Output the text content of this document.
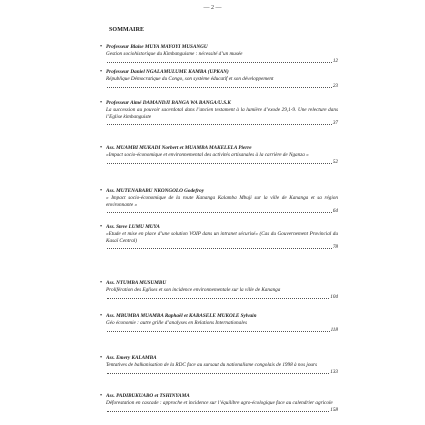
— 2 —
SOMMAIRE
• Professeur Blaise MUYA MAYOYI MUSANGU
Gestion sociohistorique du Kimbanguisme : nécessité d’un musée
12
• Professeur Daniel NGALAMULUME KAMBA (UPKAN)
République Démocratique du Congo, son système éducatif et son développement
23
• Professeur Aimé DAMANDJI BANGA WA BANGA/U.S.K
La succession au pouvoir sacerdotal dans l’ancien testament à la lumière d’exode 29,1-9. Une relecture dans l’Eglise kimbanguiste
37
• Ass. MUAMBI MUKADI Norbert et MUAMBA MAKELELA Pierre
«Impact socio-économique et environnemental des activités artisanales à la carrière de Nganza »
52
• Ass. MUTENABABU NKONGOLO Godefroy
« Impact socio-économique de la route Kananga Kalamba Mbuji sur la ville de Kananga et sa région environnante »
64
• Ass. Steve LUMU MUYA
«Etude et mise en place d’une solution VOIP dans un intranet sécurisé» (Cas du Gouvernement Provincial du Kasaï Central)
78
• Ass. NTUMBA MUSUMBU
Prolifération des Eglises et son incidence environnementale sur la ville de Kananga
104
• Ass. MBUMBA MUAMBA Raphaël et KABASELE MUKOLE Sylvain
Géo économie : autre grille d’analyses en Relations Internationales
118
• Ass. Emery KALAMBA
Tentatives de balkanisation de la RDC face au sursaut du nationalisme congolais de 1998 à nos jours
133
• Ass. PADIBUKUABO et TSHINYAMA
Déforestation en cascade : approche et incidence sur l’équilibre agro-écologique face au calendrier agricole
158
